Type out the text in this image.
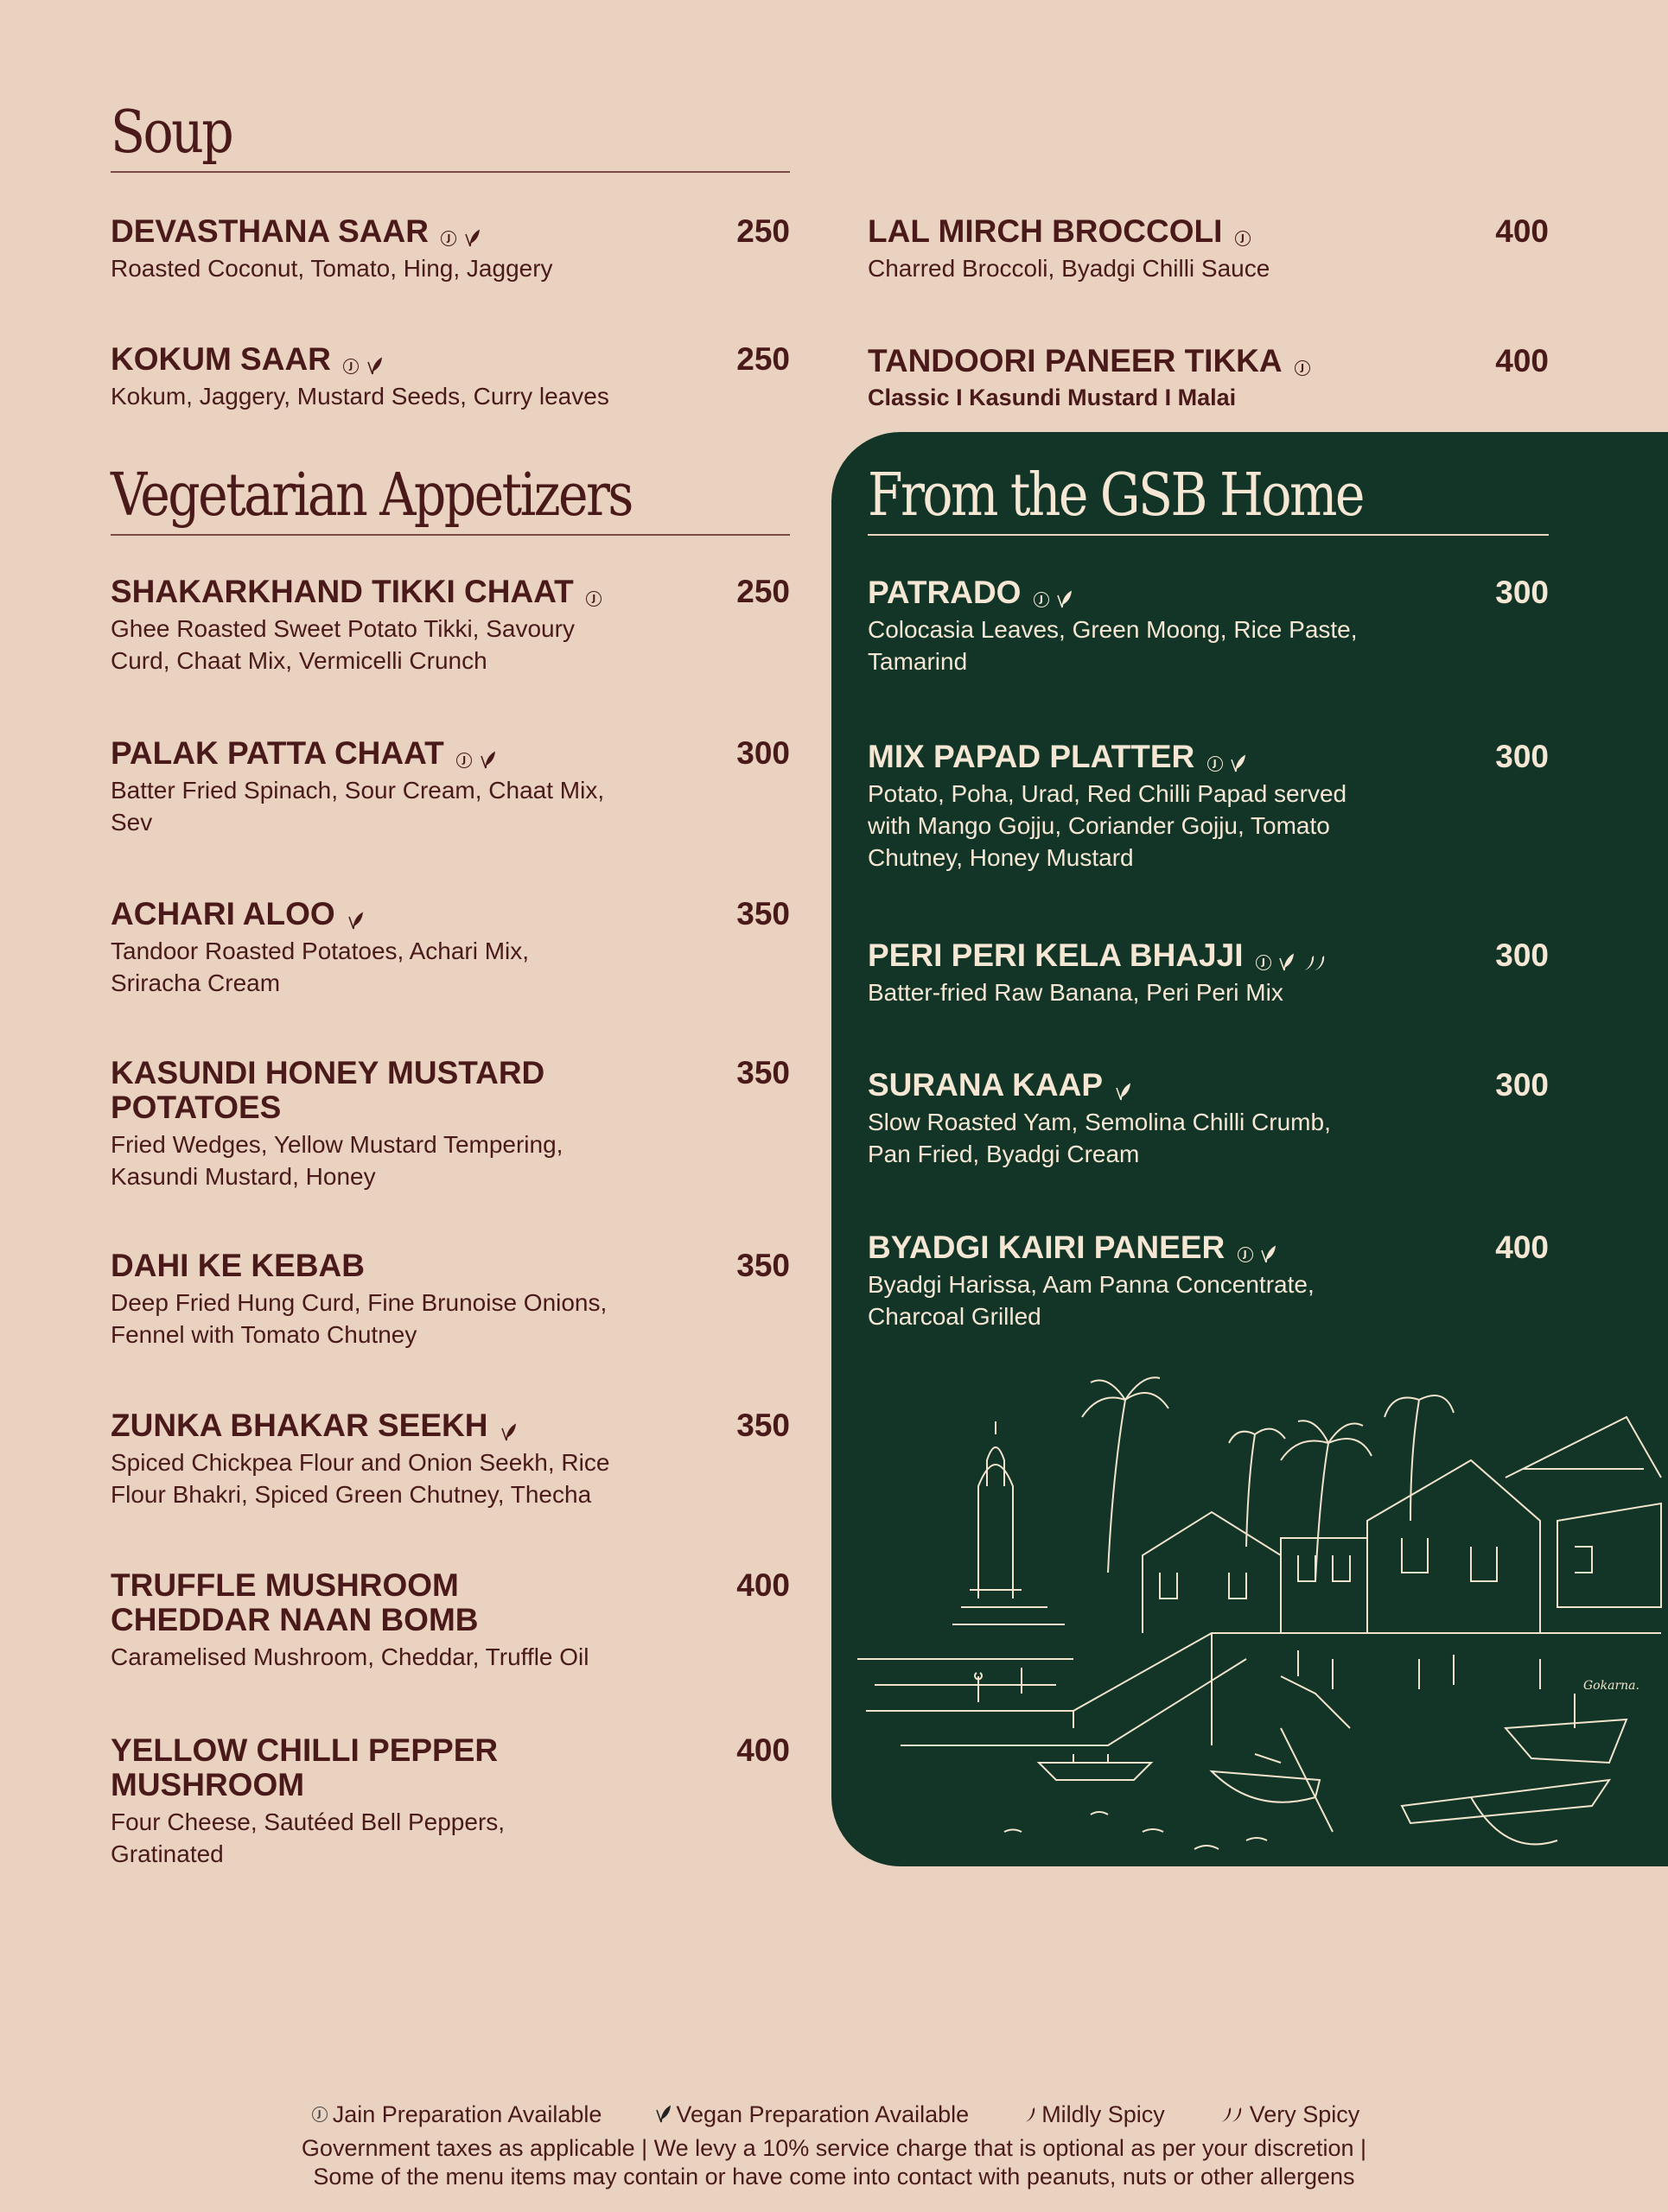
Soup
DEVASTHANA SAAR J	250
Roasted Coconut, Tomato, Hing, Jaggery
KOKUM SAAR J	250
Kokum, Jaggery, Mustard Seeds, Curry leaves
LAL MIRCH BROCCOLI J	400
Charred Broccoli, Byadgi Chilli Sauce
TANDOORI PANEER TIKKA J	400
Classic I Kasundi Mustard I Malai
Vegetarian Appetizers
SHAKARKHAND TIKKI CHAAT J	250
Ghee Roasted Sweet Potato Tikki, Savoury
Curd, Chaat Mix, Vermicelli Crunch
PALAK PATTA CHAAT J	300
Batter Fried Spinach, Sour Cream, Chaat Mix,
Sev
ACHARI ALOO	350
Tandoor Roasted Potatoes, Achari Mix,
Sriracha Cream
KASUNDI HONEY MUSTARD
POTATOES
350
Fried Wedges, Yellow Mustard Tempering,
Kasundi Mustard, Honey
DAHI KE KEBAB	350
Deep Fried Hung Curd, Fine Brunoise Onions,
Fennel with Tomato Chutney
ZUNKA BHAKAR SEEKH	350
Spiced Chickpea Flour and Onion Seekh, Rice
Flour Bhakri, Spiced Green Chutney, Thecha
TRUFFLE MUSHROOM
CHEDDAR NAAN BOMB
400
Caramelised Mushroom, Cheddar, Truffle Oil
YELLOW CHILLI PEPPER
MUSHROOM
400
Four Cheese, Sautéed Bell Peppers,
Gratinated
From the GSB Home
PATRADO J	300
Colocasia Leaves, Green Moong, Rice Paste,
Tamarind
MIX PAPAD PLATTER J	300
Potato, Poha, Urad, Red Chilli Papad served
with Mango Gojju, Coriander Gojju, Tomato
Chutney, Honey Mustard
PERI PERI KELA BHAJJI J
	300
Batter-fried Raw Banana, Peri Peri Mix
SURANA KAAP	300
Slow Roasted Yam, Semolina Chilli Crumb,
Pan Fried, Byadgi Cream
BYADGI KAIRI PANEER J	400
Byadgi Harissa, Aam Panna Concentrate,
Charcoal Grilled
Gokarna.
J Jain Preparation Available	Vegan Preparation Available	Mildly Spicy	Very Spicy
Government taxes as applicable | We levy a 10% service charge that is optional as per your discretion |
Some of the menu items may contain or have come into contact with peanuts, nuts or other allergens
